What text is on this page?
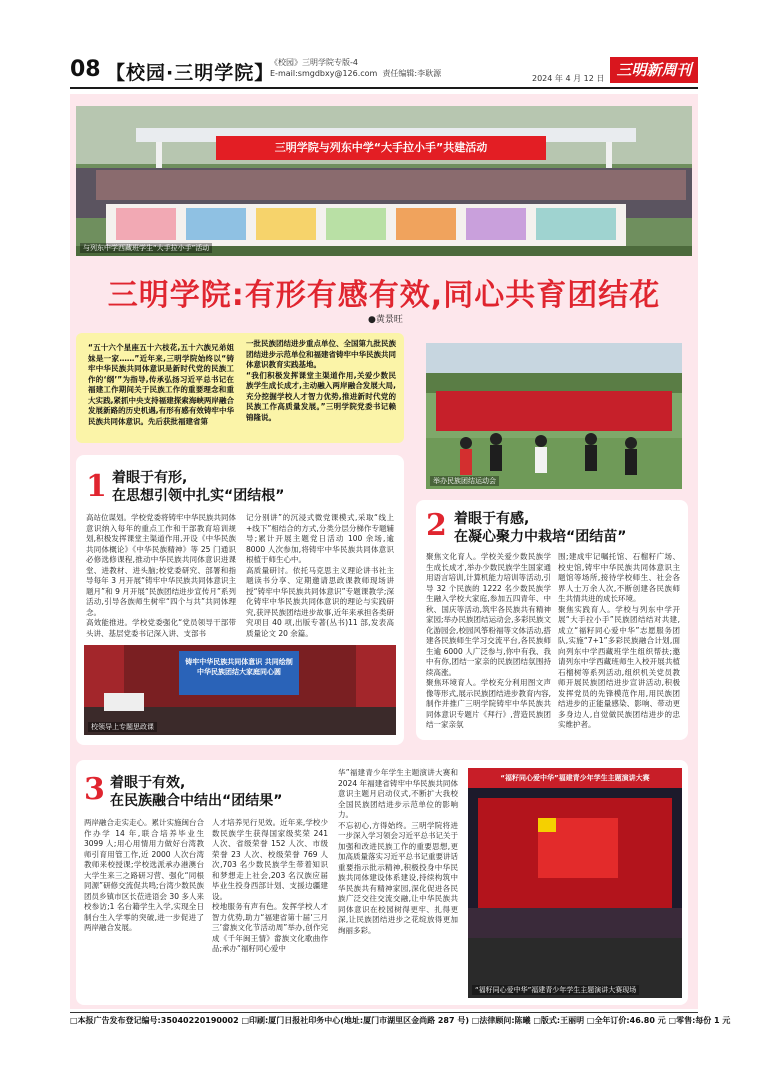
08 【校园·三明学院】
《校园》三明学院专版-4
E-mail:smgdbxy@126.com 责任编辑:李耿源
2024 年 4 月 12 日 三明新周刊
三明学院与列东中学“大手拉小手”共建活动
与列东中学西藏班学生“大手拉小手”活动
三明学院:有形有感有效,同心共育团结花
●黄景旺
“五十六个星座五十六枝花,五十六族兄弟姐妹是一家……”近年来,三明学院始终以“铸牢中华民族共同体意识是新时代党的民族工作的‘纲’”为指导,传承弘扬习近平总书记在福建工作期间关于民族工作的重要理念和重大实践,紧抓中央支持福建探索海峡两岸融合发展新路的历史机遇,有形有感有效铸牢中华民族共同体意识。先后获批福建省第
一批民族团结进步重点单位、全国第九批民族团结进步示范单位和福建省铸牢中华民族共同体意识教育实践基地。
“我们积极发挥课堂主渠道作用,关爱少数民族学生成长成才,主动融入两岸融合发展大局,充分挖掘学校人才智力优势,推进新时代党的民族工作高质量发展。”三明学院党委书记赖锦隆说。
举办民族团结运动会
1 着眼于有形,
在思想引领中扎实“团结根”
高站位谋划。学校党委将铸牢中华民族共同体意识纳入每年的重点工作和干部教育培训规划,积极发挥课堂主渠道作用,开设《中华民族共同体概论》《中华民族精神》等 25 门通识必修选修课程,推动中华民族共同体意识进课堂、进教材、进头脑;校党委研究、部署和指导每年 3 月开展“铸牢中华民族共同体意识主题月”和 9 月开展“民族团结进步宣传月”系列活动,引导各族师生树牢“四个与共”共同体理念。
高效能推进。学校党委强化“党员领导干部带头讲、基层党委书记深入讲、支部书
记分别讲”的沉浸式微党课模式,采取“线上+线下”相结合的方式,分类分层分梯作专题辅导;累计开展主题党日活动 100 余场,逾 8000 人次参加,将铸牢中华民族共同体意识根植于师生心中。
高质量研讨。依托马克思主义理论讲书社主题读书分享、定期邀请思政课教师现场讲授“铸牢中华民族共同体意识”专题课教学;深化铸牢中华民族共同体意识的理论与实践研究,获评民族团结进步故事,近年来承担各类研究项目 40 项,出版专著(丛书)11 部,发表高质量论文 20 余篇。
铸牢中华民族共同体意识 共同绘制中华民族团结大家庭同心圆
校领导上专题思政课
2 着眼于有感,
在凝心聚力中栽培“团结苗”
聚焦文化育人。学校关爱少数民族学生成长成才,举办少数民族学生国家通用语言培训,计算机能力培训等活动,引导 32 个民族的 1222 名少数民族学生融入学校大家庭,参加五四青年、中秋、国庆等活动,筑牢各民族共有精神家园;举办民族团结运动会,多彩民族文化游园会,校园风筝粉福等文体活动,搭建各民族师生学习交流平台,各民族师生逾 6000 人广泛参与,你中有我、我中有你,团结一家亲的民族团结氛围持续高涨。
聚焦环境育人。学校充分利用图文声像等形式,展示民族团结进步教育内容,制作并推广三明学院铸牢中华民族共同体意识专题片《拜行》,营造民族团结一家亲氛
围;建成牢记嘱托馆、石榴籽广场、校史馆,铸牢中华民族共同体意识主题馆等场所,接待学校师生、社会各界人士万余人次,不断创建各民族师生共情共进的成长环境。
聚焦实践育人。学校与列东中学开展“大手拉小手”民族团结结对共建,成立“福籽同心爱中华”志愿服务团队,实施“7+1”多彩民族融合计划,面向列东中学西藏班学生组织帮扶;邀请列东中学西藏班师生入校开展共植石榴树等系列活动,组织机关党员教师开展民族团结进步宣讲活动,积极发挥党员的先锋模范作用,用民族团结进步的正能量感染、影响、带动更多身边人,自觉做民族团结进步的忠实维护者。
3 着眼于有效,
在民族融合中结出“团结果”
两岸融合走实走心。累计实施闽台合作办学 14 年,联合培养毕业生 3099 人;用心用情用力做好台湾教师引育用管工作,近 2000 人次台湾教师来校授课;学校选派承办港澳台大学生来三之路研习营、强化“同根同源”研修交流促共鸣;台湾少数民族团员乡镇市区长莅进语会 30 多人来校参访;1 名台籍学生入学,实现全日制台生入学零的突破,进一步促进了两岸融合发展。
人才培养见行见效。近年来,学校少数民族学生获得国家级奖荣 241 人次、省级荣誉 152 人次、市级荣誉 23 人次、校级荣誉 769 人次,703 名少数民族学生带着知识和梦想走上社会,203 名汉族应届毕业生投身西部计划、支援边疆建设。
校地服务有声有色。发挥学校人才智力优势,助力“福建省第十届‘三月三’畲族文化节活动周”举办,创作完成《千年闽王情》畲族文化歌曲作品;承办“福籽同心爱中
华”福建青少年学生主题演讲大赛和 2024 年福建省铸牢中华民族共同体意识主题月启动仪式,不断扩大我校全国民族团结进步示范单位的影响力。
不忘初心,方得始终。三明学院将进一步深入学习领会习近平总书记关于加强和改进民族工作的重要思想,更加高质量落实习近平总书记重要讲话重要指示批示精神,积极投身中华民族共同体建设体系建设,持续构筑中华民族共有精神家园,深化促进各民族广泛交往交流交融,让中华民族共同体意识在校园树得更牢、扎得更深,让民族团结进步之花绽放得更加绚丽多彩。
“福籽同心爱中华”福建青少年学生主题演讲大赛
“福籽同心爱中华”福建青少年学生主题演讲大赛现场
□本报广告发布登记编号:35040220190002 □印刷:厦门日报社印务中心(地址:厦门市湖里区金尚路 287 号) □法律顾问:陈曦 □版式:王丽明 □全年订价:46.80 元 □零售:每份 1 元
